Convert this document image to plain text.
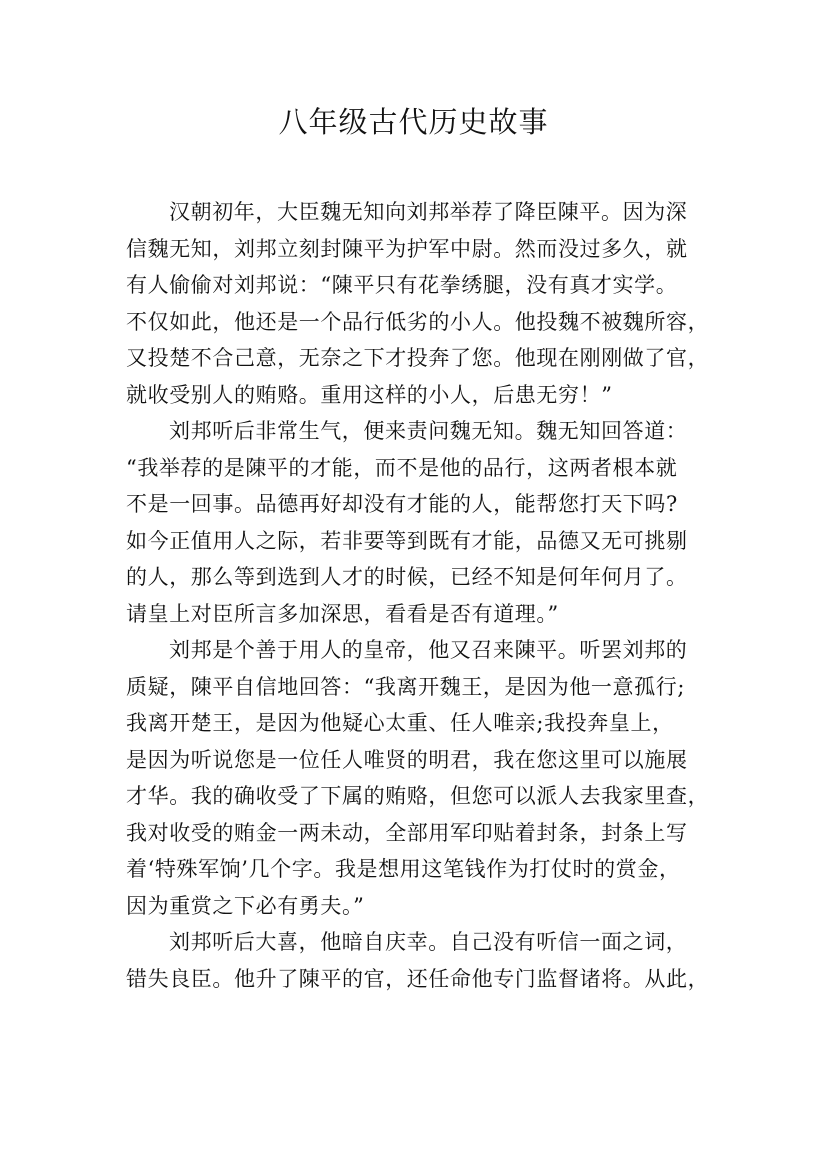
八年级古代历史故事
汉朝初年，大臣魏无知向刘邦举荐了降臣陳平。因为深
信魏无知，刘邦立刻封陳平为护军中尉。然而没过多久，就
有人偷偷对刘邦说：“陳平只有花拳绣腿，没有真才实学。
不仅如此，他还是一个品行低劣的小人。他投魏不被魏所容，
又投楚不合己意，无奈之下才投奔了您。他现在刚刚做了官，
就收受别人的贿赂。重用这样的小人，后患无穷！”
刘邦听后非常生气，便来责问魏无知。魏无知回答道：
“我举荐的是陳平的才能，而不是他的品行，这两者根本就
不是一回事。品德再好却没有才能的人，能帮您打天下吗?
如今正值用人之际，若非要等到既有才能，品德又无可挑剔
的人，那么等到选到人才的时候，已经不知是何年何月了。
请皇上对臣所言多加深思，看看是否有道理。”
刘邦是个善于用人的皇帝，他又召来陳平。听罢刘邦的
质疑，陳平自信地回答：“我离开魏王，是因为他一意孤行;
我离开楚王，是因为他疑心太重、任人唯亲;我投奔皇上，
是因为听说您是一位任人唯贤的明君，我在您这里可以施展
才华。我的确收受了下属的贿赂，但您可以派人去我家里查，
我对收受的贿金一两未动，全部用军印贴着封条，封条上写
着‘特殊军饷’几个字。我是想用这笔钱作为打仗时的赏金，
因为重赏之下必有勇夫。”
刘邦听后大喜，他暗自庆幸。自己没有听信一面之词，
错失良臣。他升了陳平的官，还任命他专门监督诸将。从此，
